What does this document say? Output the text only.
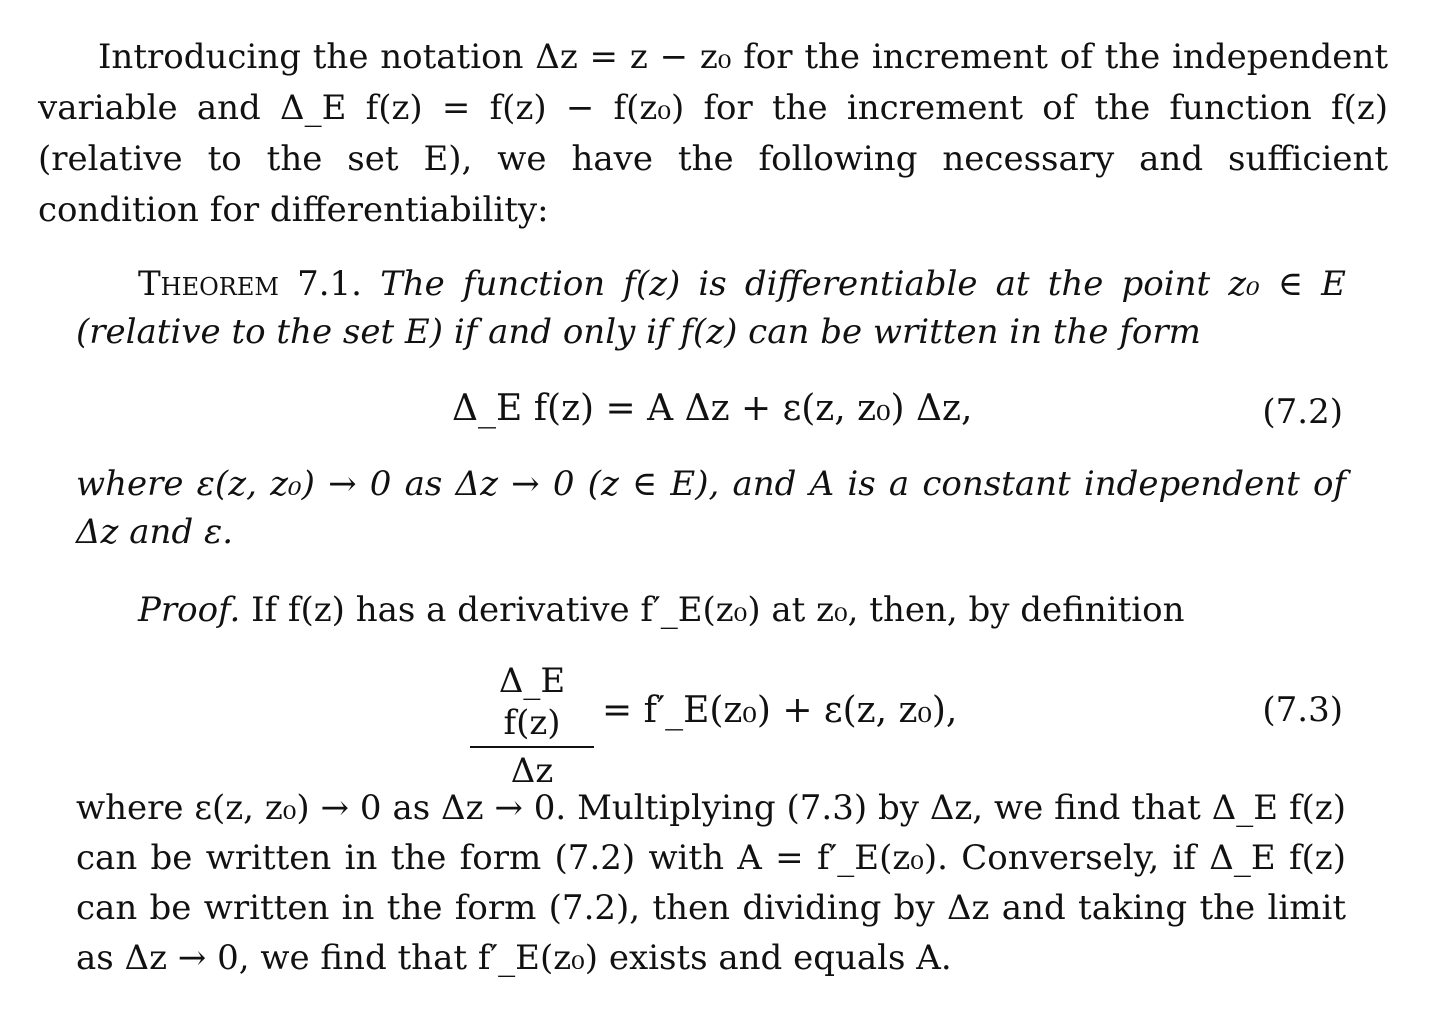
Introducing the notation Δz = z − z₀ for the increment of the independent variable and Δ_E f(z) = f(z) − f(z₀) for the increment of the function f(z) (relative to the set E), we have the following necessary and sufficient condition for differentiability:
Theorem 7.1. The function f(z) is differentiable at the point z₀ ∈ E (relative to the set E) if and only if f(z) can be written in the form
Δ_E f(z) = A Δz + ε(z, z₀) Δz,	(7.2)
where ε(z, z₀) → 0 as Δz → 0 (z ∈ E), and A is a constant independent of Δz and ε.
Proof. If f(z) has a derivative f′_E(z₀) at z₀, then, by definition
Δ_E f(z)
Δz
= f′_E(z₀) + ε(z, z₀),	(7.3)
where ε(z, z₀) → 0 as Δz → 0. Multiplying (7.3) by Δz, we find that Δ_E f(z) can be written in the form (7.2) with A = f′_E(z₀). Conversely, if Δ_E f(z) can be written in the form (7.2), then dividing by Δz and taking the limit as Δz → 0, we find that f′_E(z₀) exists and equals A.
